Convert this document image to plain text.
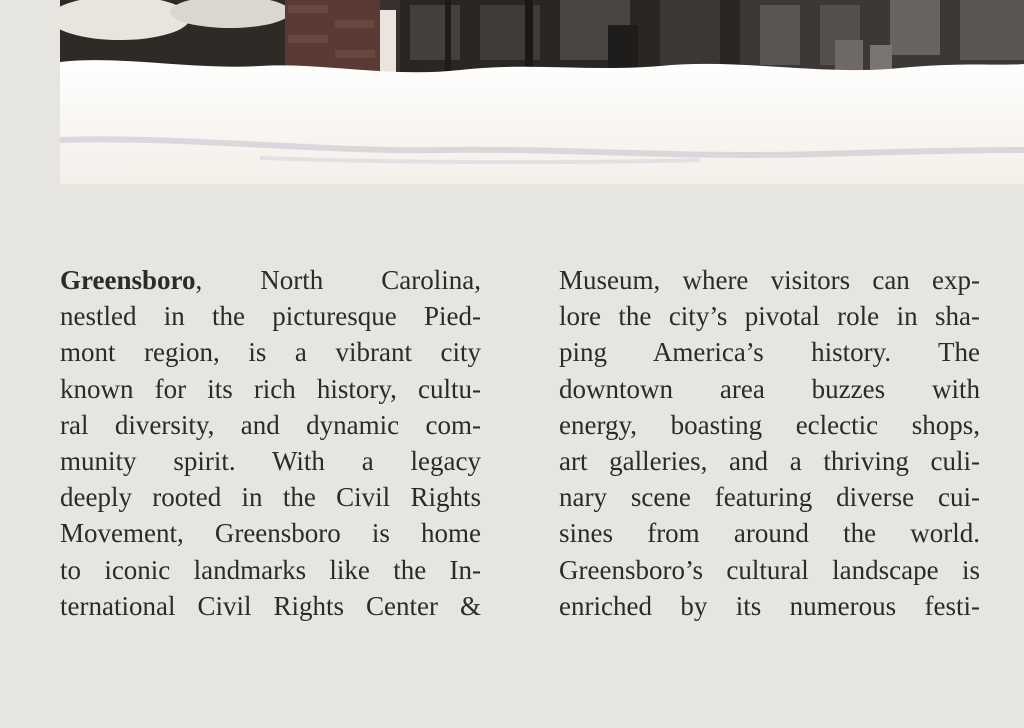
Greensboro, North Carolina,
nestled in the picturesque Pied-
mont region, is a vibrant city
known for its rich history, cultu-
ral diversity, and dynamic com-
munity spirit. With a legacy
deeply rooted in the Civil Rights
Movement, Greensboro is home
to iconic landmarks like the In-
ternational Civil Rights Center &
Museum, where visitors can exp-
lore the city’s pivotal role in sha-
ping America’s history. The
downtown area buzzes with
energy, boasting eclectic shops,
art galleries, and a thriving culi-
nary scene featuring diverse cui-
sines from around the world.
Greensboro’s cultural landscape is
enriched by its numerous festi-
